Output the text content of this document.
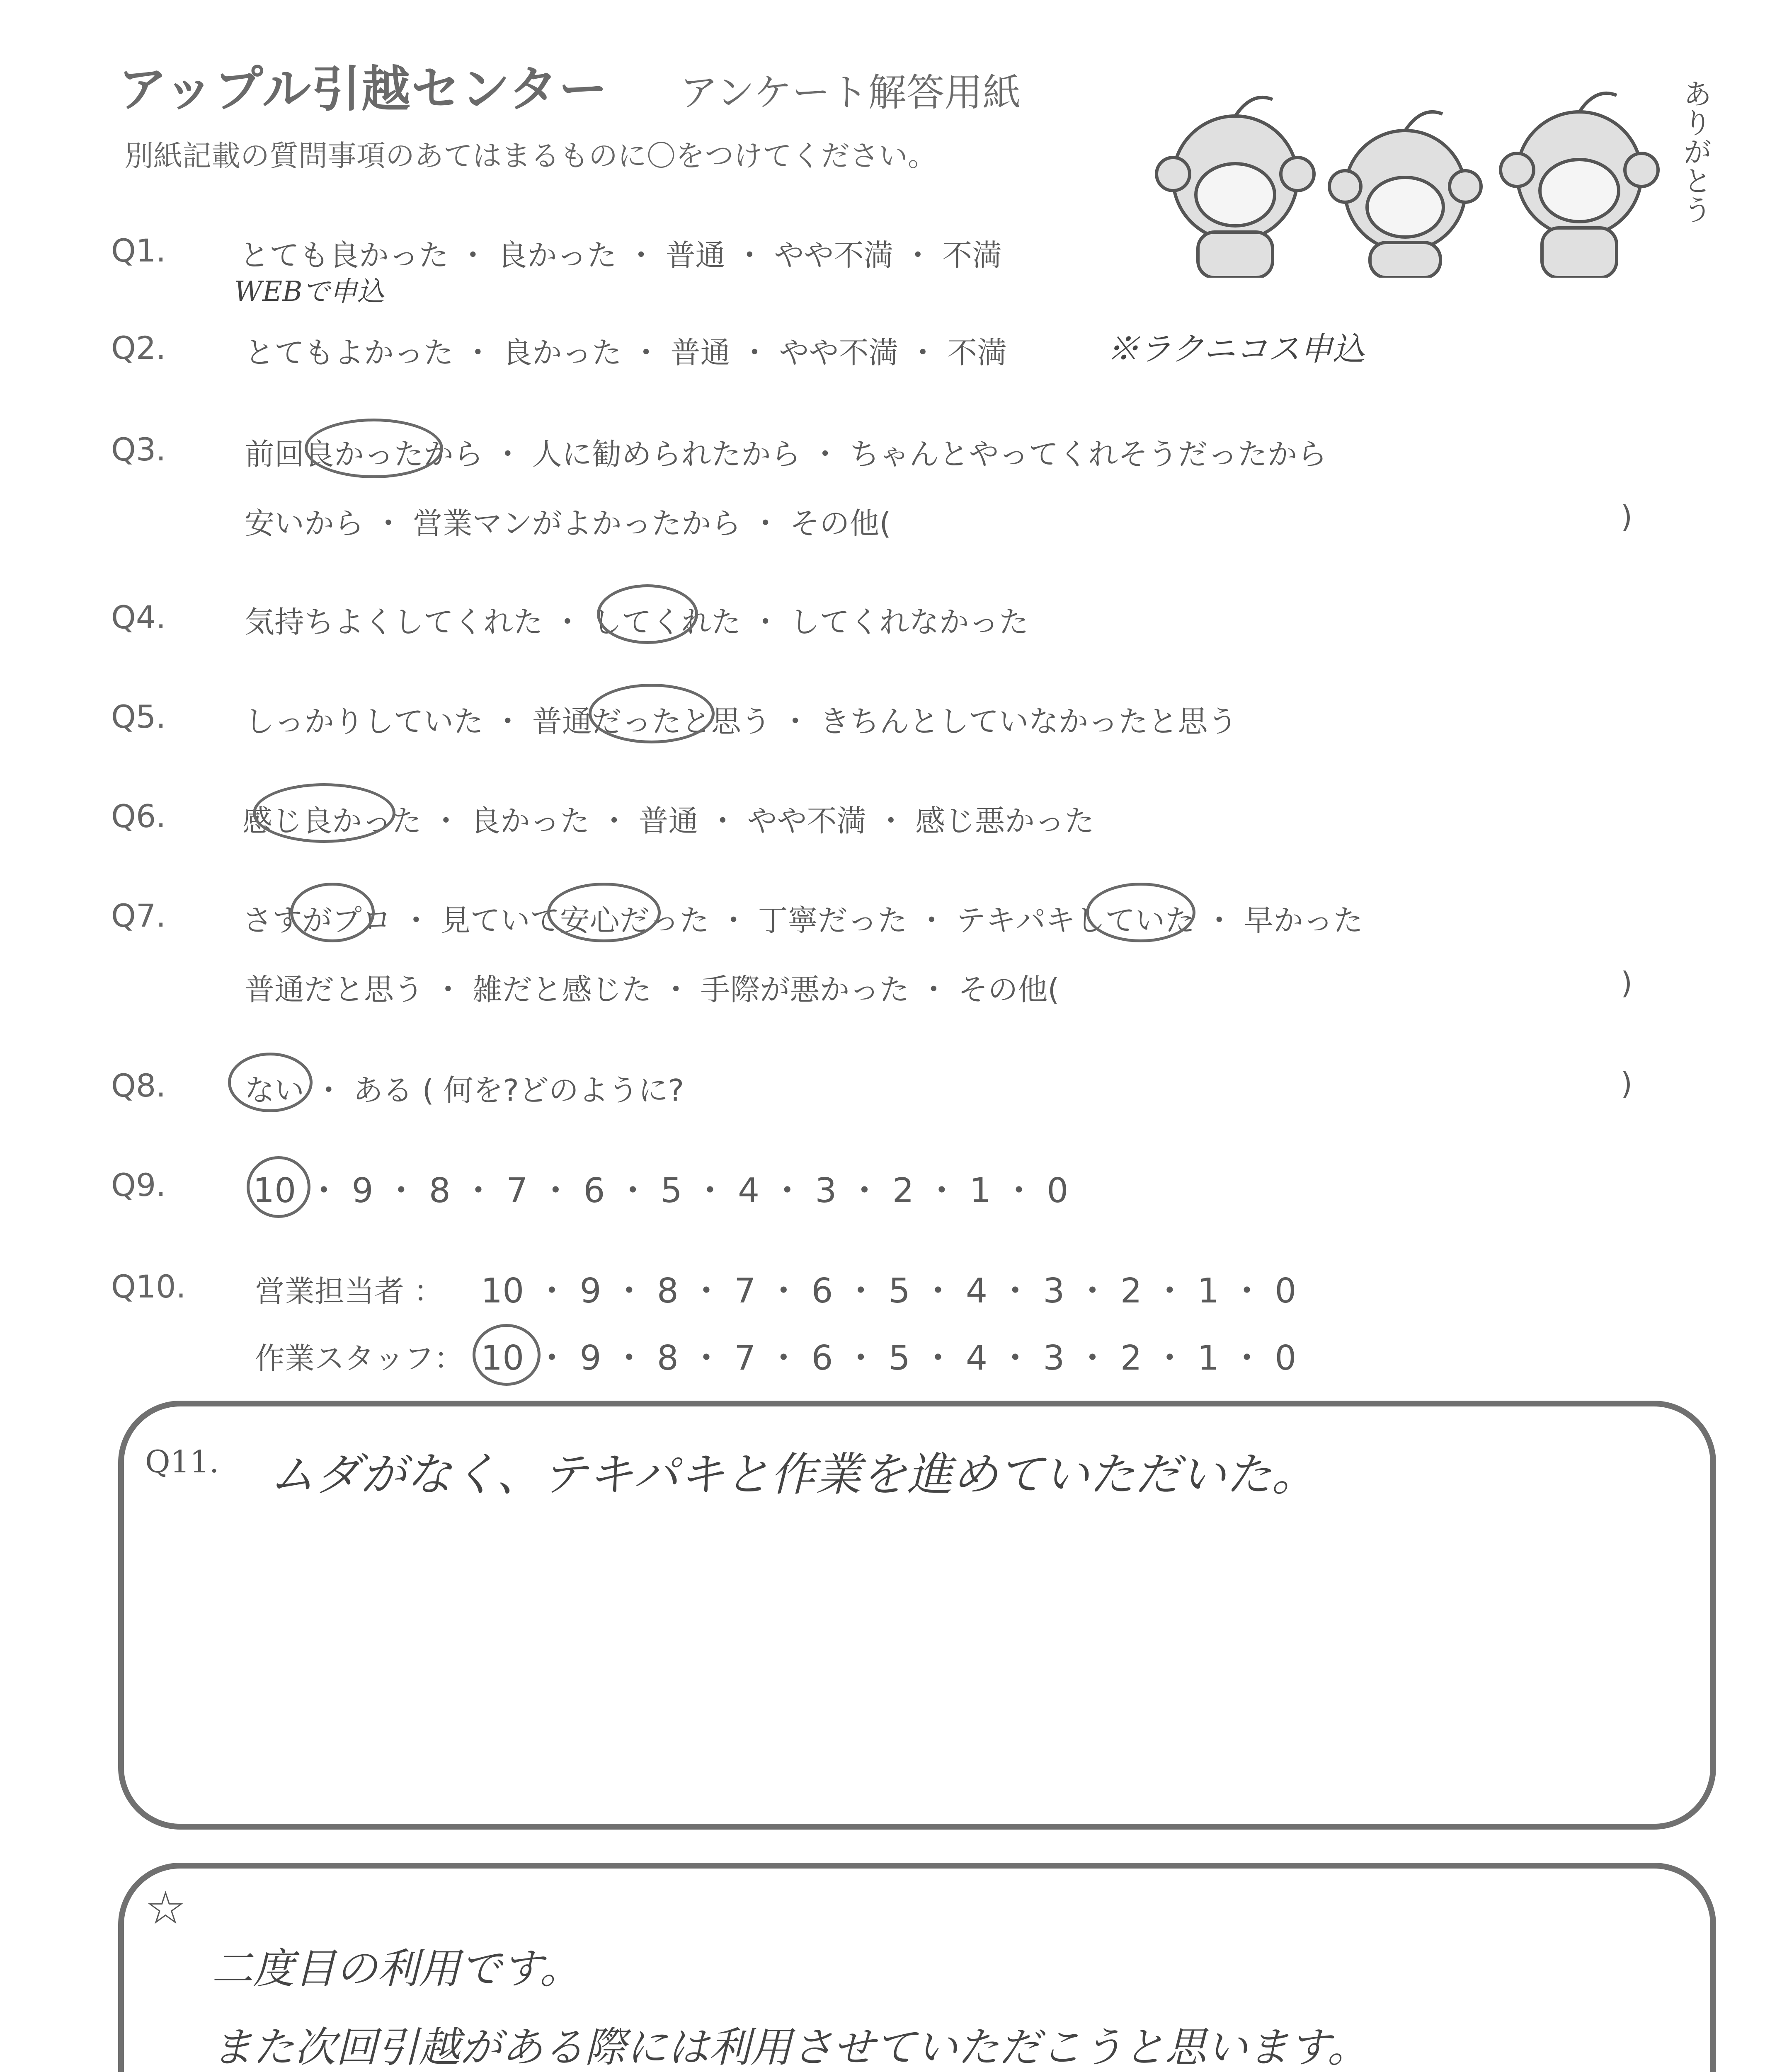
アップル引越センター アンケート解答用紙
別紙記載の質問事項のあてはまるものに〇をつけてください。	ありがとう
Q1. とても良かった ・ 良かった ・ 普通 ・ やや不満 ・ 不満
WEBで申込
Q2.	とてもよかった ・ 良かった ・ 普通 ・ やや不満 ・ 不満	※ラクニコス申込
Q3.	前回良かったから ・ 人に勧められたから ・ ちゃんとやってくれそうだったから
安いから ・ 営業マンがよかったから ・ その他(	)
Q4.	気持ちよくしてくれた ・ してくれた ・ してくれなかった
Q5.	しっかりしていた ・ 普通だったと思う ・ きちんとしていなかったと思う
Q6.	感じ良かった ・ 良かった ・ 普通 ・ やや不満 ・ 感じ悪かった
Q7.	さすがプロ ・ 見ていて安心だった ・ 丁寧だった ・ テキパキしていた ・ 早かった
普通だと思う ・ 雑だと感じた ・ 手際が悪かった ・ その他(	)
Q8.	ない ・ ある ( 何を?どのように?	)
Q9.	10 ・ 9 ・ 8 ・ 7 ・ 6 ・ 5 ・ 4 ・ 3 ・ 2 ・ 1 ・ 0
Q10. 営業担当者 ： 10 ・ 9 ・ 8 ・ 7 ・ 6 ・ 5 ・ 4 ・ 3 ・ 2 ・ 1 ・ 0
作業スタッフ： 10 ・ 9 ・ 8 ・ 7 ・ 6 ・ 5 ・ 4 ・ 3 ・ 2 ・ 1 ・ 0
Q11. ムダがなく、テキパキと作業を進めていただいた。
☆
二度目の利用です。
また次回引越がある際には利用させていただこうと思います。
